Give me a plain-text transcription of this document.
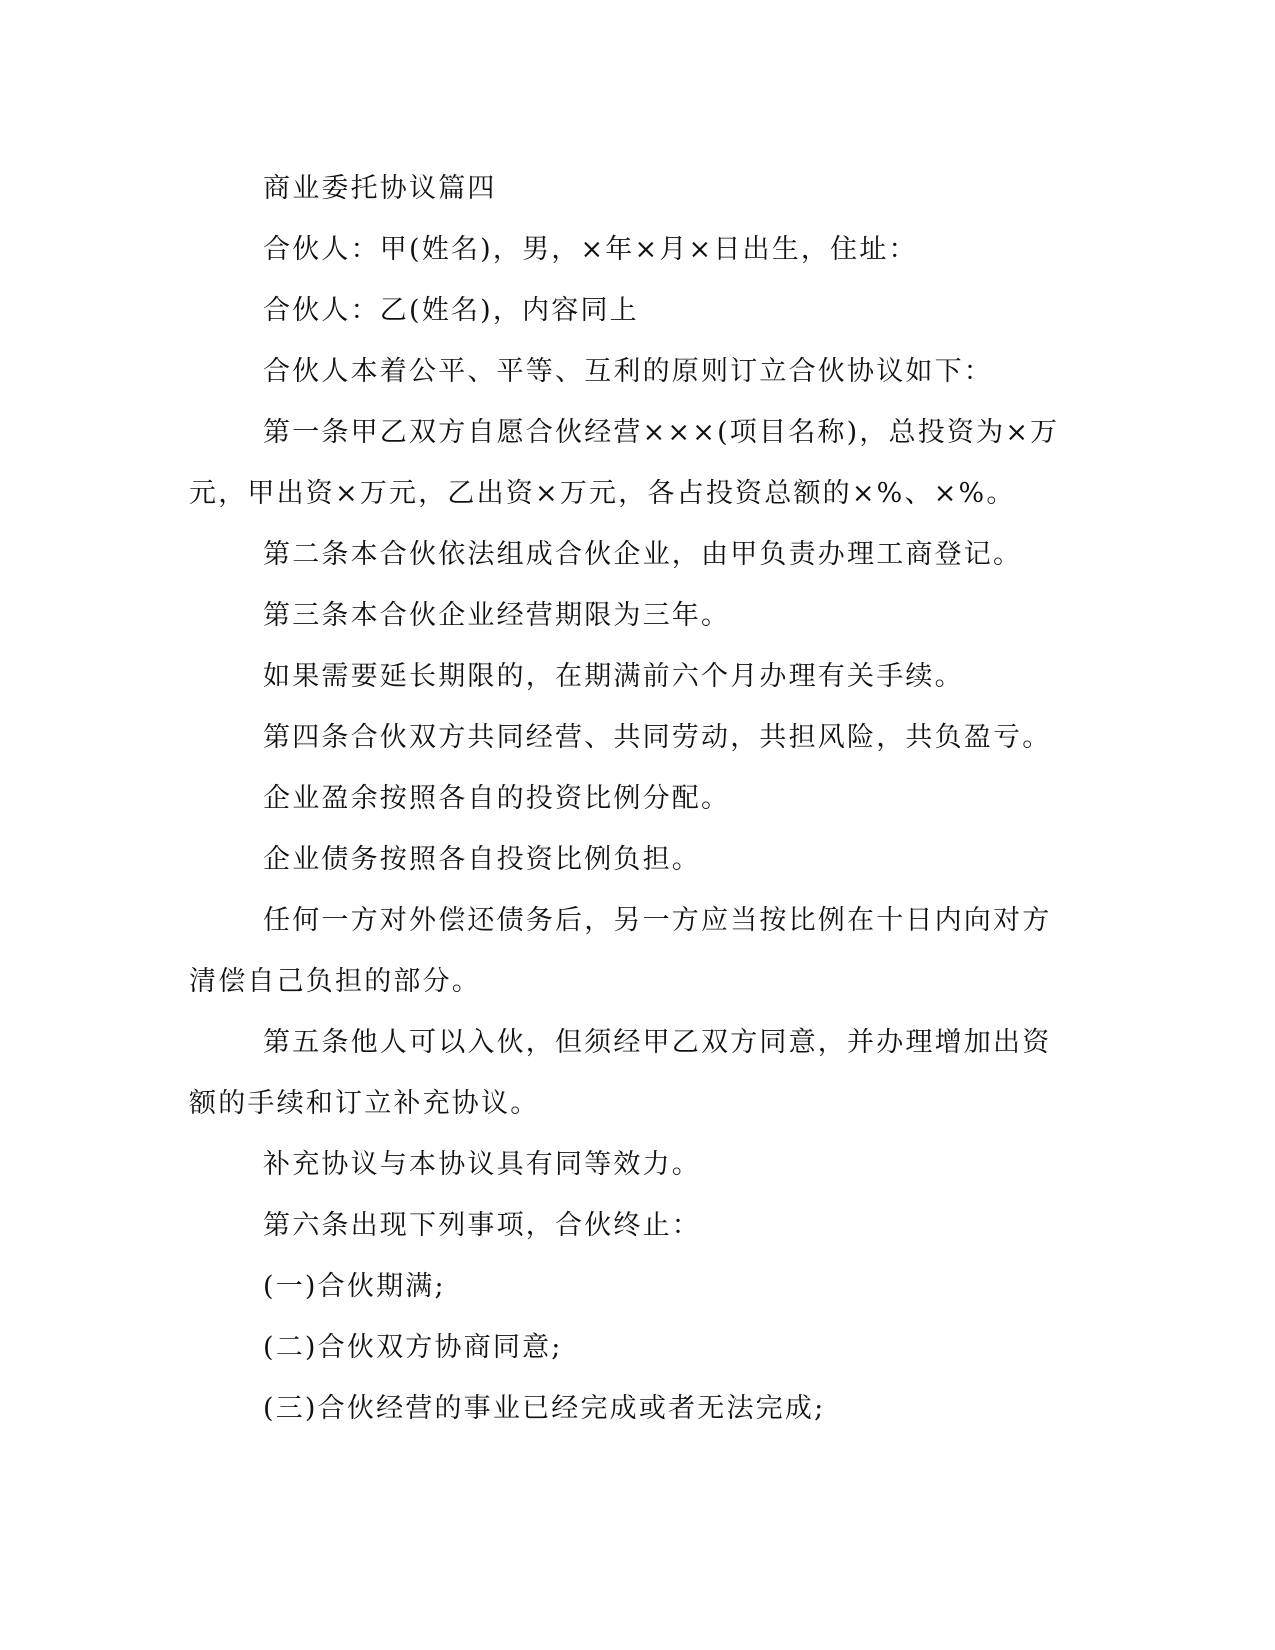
商业委托协议篇四

合伙人：甲(姓名)，男，×年×月×日出生，住址：

合伙人：乙(姓名)，内容同上

合伙人本着公平、平等、互利的原则订立合伙协议如下：

第一条甲乙双方自愿合伙经营×××(项目名称)，总投资为×万元，甲出资×万元，乙出资×万元，各占投资总额的×%、×%。

第二条本合伙依法组成合伙企业，由甲负责办理工商登记。

第三条本合伙企业经营期限为三年。

如果需要延长期限的，在期满前六个月办理有关手续。

第四条合伙双方共同经营、共同劳动，共担风险，共负盈亏。

企业盈余按照各自的投资比例分配。

企业债务按照各自投资比例负担。

任何一方对外偿还债务后，另一方应当按比例在十日内向对方清偿自己负担的部分。

第五条他人可以入伙，但须经甲乙双方同意，并办理增加出资额的手续和订立补充协议。

补充协议与本协议具有同等效力。

第六条出现下列事项，合伙终止：

(一)合伙期满;

(二)合伙双方协商同意;

(三)合伙经营的事业已经完成或者无法完成;
